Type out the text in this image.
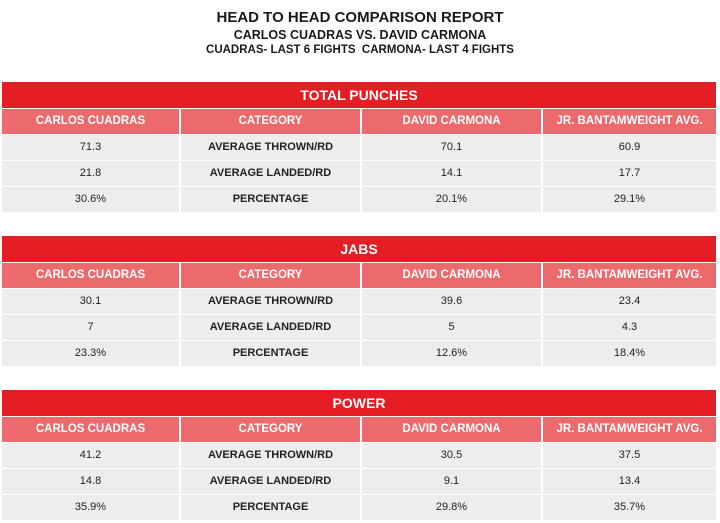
HEAD TO HEAD COMPARISON REPORT
CARLOS CUADRAS VS. DAVID CARMONA
CUADRAS- LAST 6 FIGHTS  CARMONA- LAST 4 FIGHTS
TOTAL PUNCHES
CARLOS CUADRAS	CATEGORY	DAVID CARMONA	JR. BANTAMWEIGHT AVG.
71.3	AVERAGE THROWN/RD	70.1	60.9
21.8	AVERAGE LANDED/RD	14.1	17.7
30.6%	PERCENTAGE	20.1%	29.1%
JABS
CARLOS CUADRAS	CATEGORY	DAVID CARMONA	JR. BANTAMWEIGHT AVG.
30.1	AVERAGE THROWN/RD	39.6	23.4
7	AVERAGE LANDED/RD	5	4.3
23.3%	PERCENTAGE	12.6%	18.4%
POWER
CARLOS CUADRAS	CATEGORY	DAVID CARMONA	JR. BANTAMWEIGHT AVG.
41.2	AVERAGE THROWN/RD	30.5	37.5
14.8	AVERAGE LANDED/RD	9.1	13.4
35.9%	PERCENTAGE	29.8%	35.7%
